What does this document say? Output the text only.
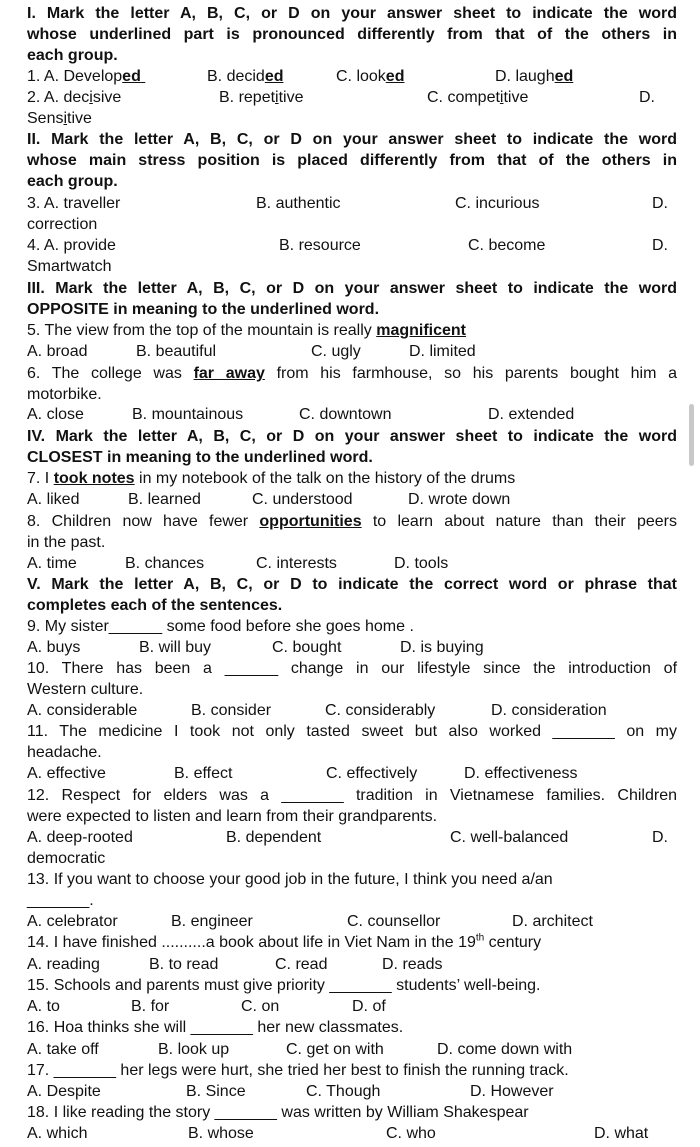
I. Mark the letter A, B, C, or D on your answer sheet to indicate the word
whose underlined part is pronounced differently from that of the others in
each group.
1. A. Developed	B. decided	C. looked	D. laughed
2. A. decisive	B. repetitive	C. competitive	D.
Sensitive
II. Mark the letter A, B, C, or D on your answer sheet to indicate the word
whose main stress position is placed differently from that of the others in
each group.
3. A. traveller	B. authentic	C. incurious	D.
correction
4. A. provide	B. resource	C. become	D.
Smartwatch
III. Mark the letter A, B, C, or D on your answer sheet to indicate the word
OPPOSITE in meaning to the underlined word.
5. The view from the top of the mountain is really magnificent
A. broad	B. beautiful	C. ugly	D. limited
6. The college was far away from his farmhouse, so his parents bought him a
motorbike.
A. close	B. mountainous	C. downtown	D. extended
IV. Mark the letter A, B, C, or D on your answer sheet to indicate the word
CLOSEST in meaning to the underlined word.
7. I took notes in my notebook of the talk on the history of the drums
A. liked	B. learned	C. understood	D. wrote down
8. Children now have fewer opportunities to learn about nature than their peers
in the past.
A. time	B. chances	C. interests	D. tools
V. Mark the letter A, B, C, or D to indicate the correct word or phrase that
completes each of the sentences.
9. My sister______ some food before she goes home .
A. buys	B. will buy	C. bought	D. is buying
10. There has been a ______ change in our lifestyle since the introduction of
Western culture.
A. considerable	B. consider	C. considerably	D. consideration
11. The medicine I took not only tasted sweet but also worked _______ on my
headache.
A. effective	B. effect	C. effectively	D. effectiveness
12. Respect for elders was a _______ tradition in Vietnamese families. Children
were expected to listen and learn from their grandparents.
A. deep-rooted	B. dependent	C. well-balanced	D.
democratic
13. If you want to choose your good job in the future, I think you need a/an
_______.
A. celebrator	B. engineer	C. counsellor	D. architect
14. I have finished ..........a book about life in Viet Nam in the 19th century
A. reading	B. to read	C. read	D. reads
15. Schools and parents must give priority _______ students’ well-being.
A. to	B. for	C. on	D. of
16. Hoa thinks she will _______ her new classmates.
A. take off	B. look up	C. get on with	D. come down with
17. _______ her legs were hurt, she tried her best to finish the running track.
A. Despite	B. Since	C. Though	D. However
18. I like reading the story _______ was written by William Shakespear
A. which	B. whose	C. who	D. what
